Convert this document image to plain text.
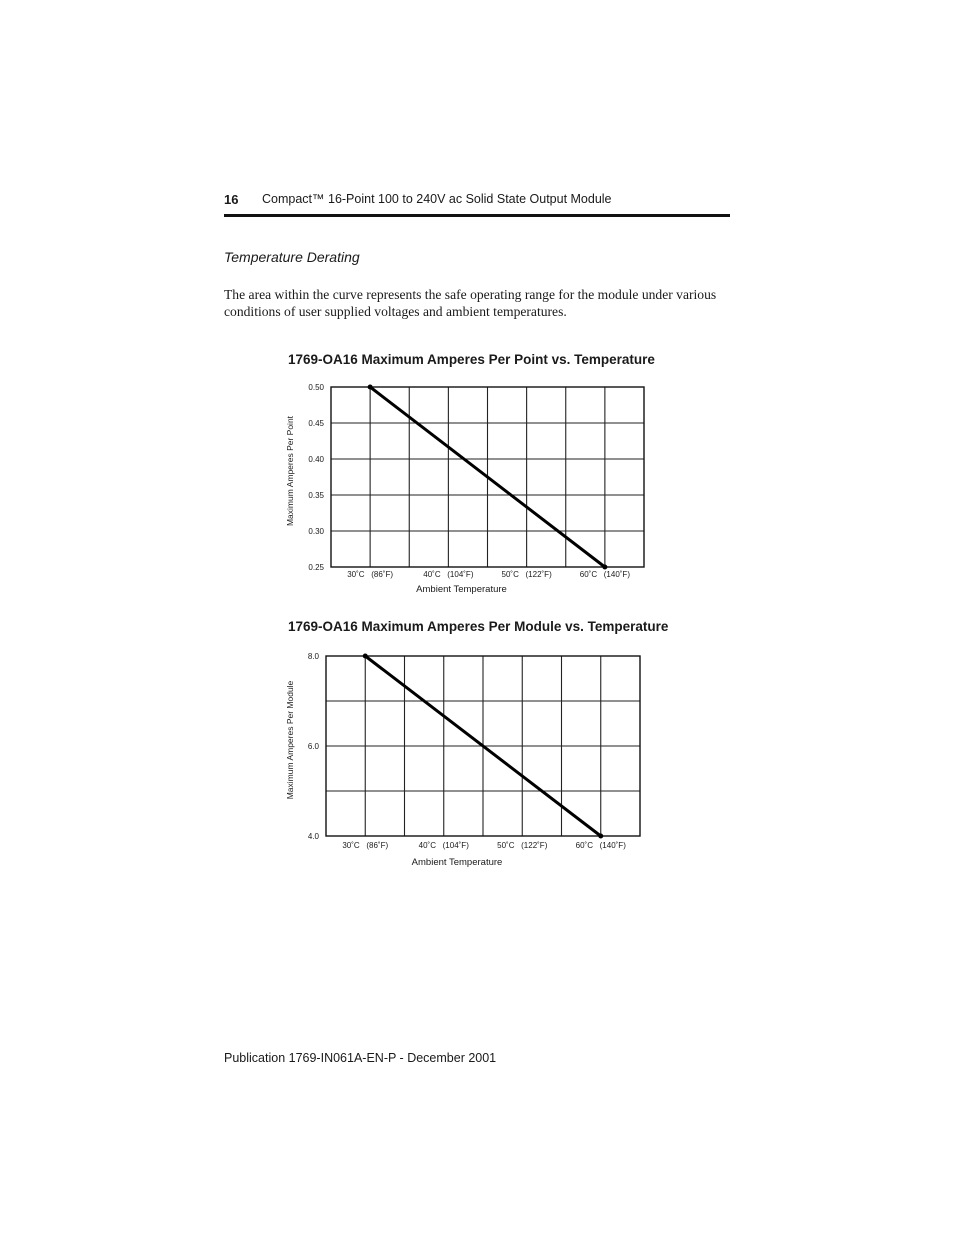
16 Compact™ 16-Point 100 to 240V ac Solid State Output Module
Temperature Derating
The area within the curve represents the safe operating range for the module under various conditions of user supplied voltages and ambient temperatures.
1769-OA16 Maximum Amperes Per Point vs. Temperature
0.25
0.30
0.35
0.40
0.45
0.50
30˚C   (86˚F)	40˚C   (104˚F)	50˚C   (122˚F)	60˚C   (140˚F)
Ambient Temperature
Maximum Amperes Per Point
1769-OA16 Maximum Amperes Per Module vs. Temperature
4.0
6.0
8.0
30˚C   (86˚F)	40˚C   (104˚F)	50˚C   (122˚F)	60˚C   (140˚F)
Ambient Temperature
Maximum Amperes Per Module
Publication 1769-IN061A-EN-P - December 2001
